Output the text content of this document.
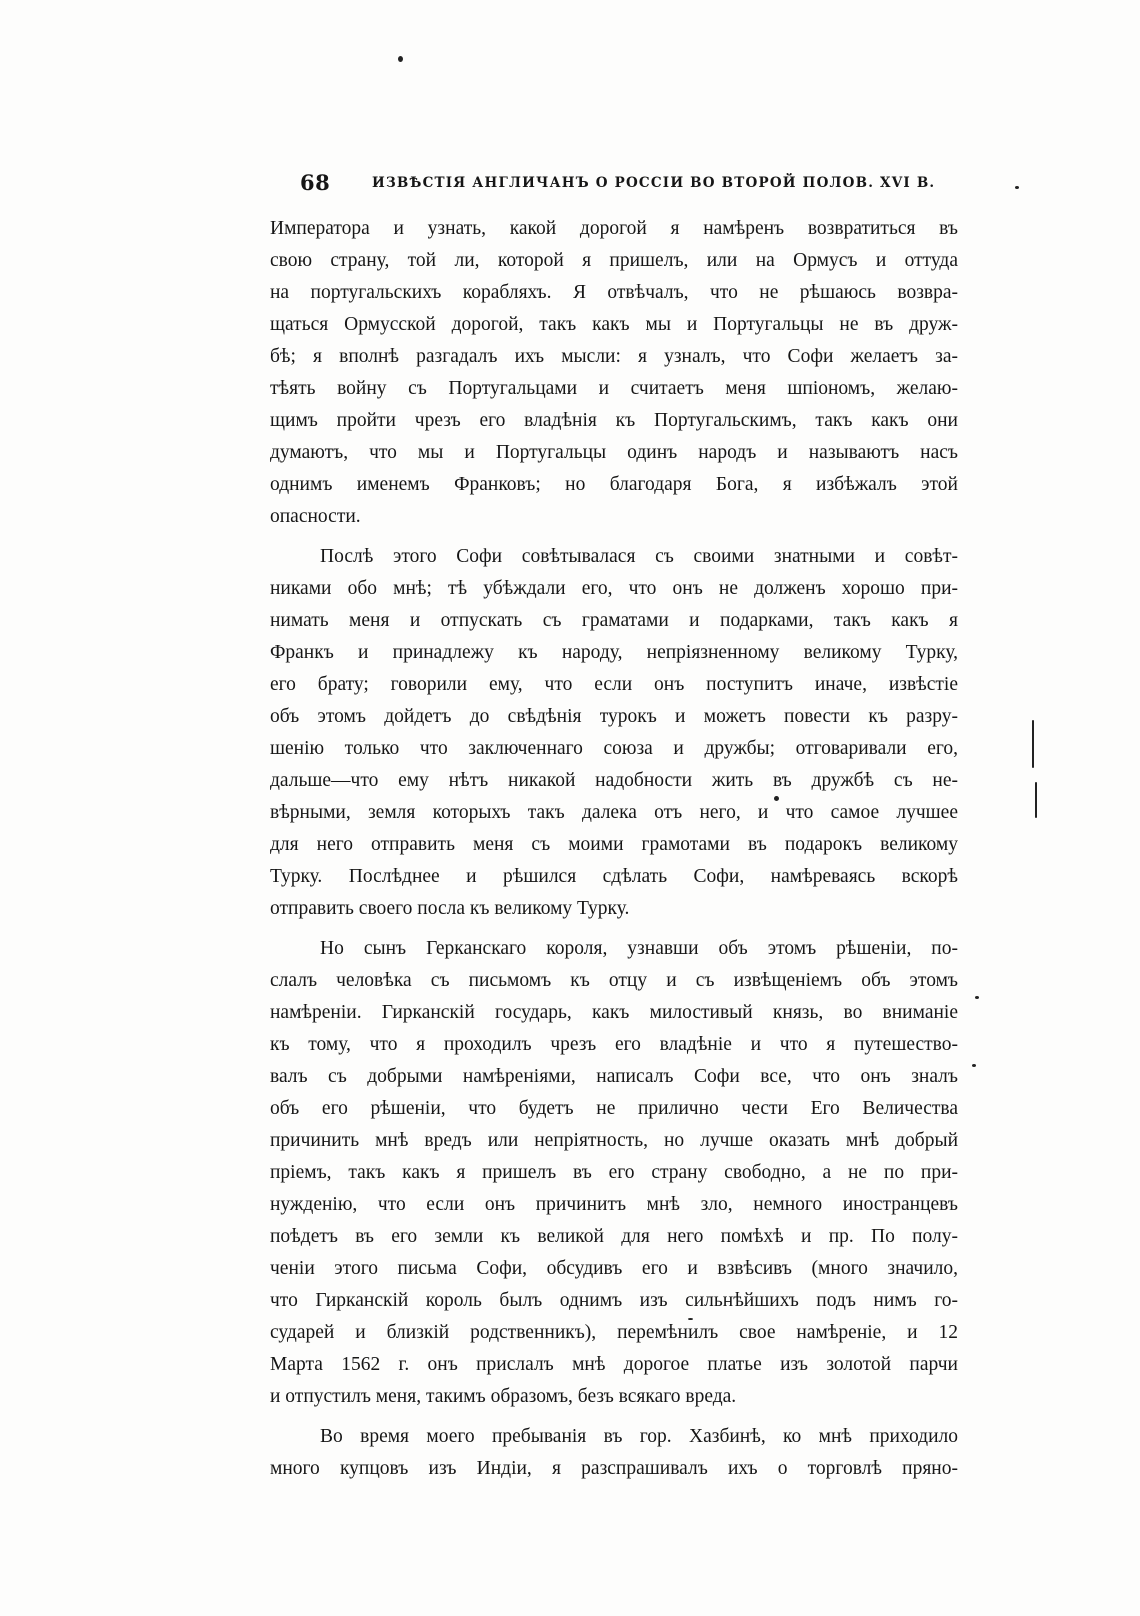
68	ИЗВѢСТІЯ АНГЛИЧАНЪ О РОССІИ ВО ВТОРОЙ ПОЛОВ. XVI В.
Императора и узнать, какой дорогой я намѣренъ возвратиться въ
свою страну, той ли, которой я пришелъ, или на Ормусъ и оттуда
на португальскихъ корабляхъ. Я отвѣчалъ, что не рѣшаюсь возвра-
щаться Ормусской дорогой, такъ какъ мы и Португальцы не въ друж-
бѣ; я вполнѣ разгадалъ ихъ мысли: я узналъ, что Софи желаетъ за-
тѣять войну съ Португальцами и считаетъ меня шпіономъ, желаю-
щимъ пройти чрезъ его владѣнія къ Португальскимъ, такъ какъ они
думаютъ, что мы и Португальцы одинъ народъ и называютъ насъ
однимъ именемъ Франковъ; но благодаря Бога, я избѣжалъ этой
опасности.
Послѣ этого Софи совѣтывалася съ своими знатными и совѣт-
никами обо мнѣ; тѣ убѣждали его, что онъ не долженъ хорошо при-
нимать меня и отпускать съ граматами и подарками, такъ какъ я
Франкъ и принадлежу къ народу, непріязненному великому Турку,
его брату; говорили ему, что если онъ поступитъ иначе, извѣстіе
объ этомъ дойдетъ до свѣдѣнія турокъ и можетъ повести къ разру-
шенію только что заключеннаго союза и дружбы; отговаривали его,
дальше—что ему нѣтъ никакой надобности жить въ дружбѣ съ не-
вѣрными, земля которыхъ такъ далека отъ него, и что самое лучшее
для него отправить меня съ моими грамотами въ подарокъ великому
Турку. Послѣднее и рѣшился сдѣлать Софи, намѣреваясь вскорѣ
отправить своего посла къ великому Турку.
Но сынъ Герканскаго короля, узнавши объ этомъ рѣшеніи, по-
слалъ человѣка съ письмомъ къ отцу и съ извѣщеніемъ объ этомъ
намѣреніи. Гирканскій государь, какъ милостивый князь, во вниманіе
къ тому, что я проходилъ чрезъ его владѣніе и что я путешество-
валъ съ добрыми намѣреніями, написалъ Софи все, что онъ зналъ
объ его рѣшеніи, что будетъ не прилично чести Его Величества
причинить мнѣ вредъ или непріятность, но лучше оказать мнѣ добрый
пріемъ, такъ какъ я пришелъ въ его страну свободно, а не по при-
нужденію, что если онъ причинитъ мнѣ зло, немного иностранцевъ
поѣдетъ въ его земли къ великой для него помѣхѣ и пр. По полу-
ченіи этого письма Софи, обсудивъ его и взвѣсивъ (много значило,
что Гирканскій король былъ однимъ изъ сильнѣйшихъ подъ нимъ го-
сударей и близкій родственникъ), перемѣнилъ свое намѣреніе, и 12
Марта 1562 г. онъ прислалъ мнѣ дорогое платье изъ золотой парчи
и отпустилъ меня, такимъ образомъ, безъ всякаго вреда.
Во время моего пребыванія въ гор. Хазбинѣ, ко мнѣ приходило
много купцовъ изъ Индіи, я разспрашивалъ ихъ о торговлѣ прянo-
